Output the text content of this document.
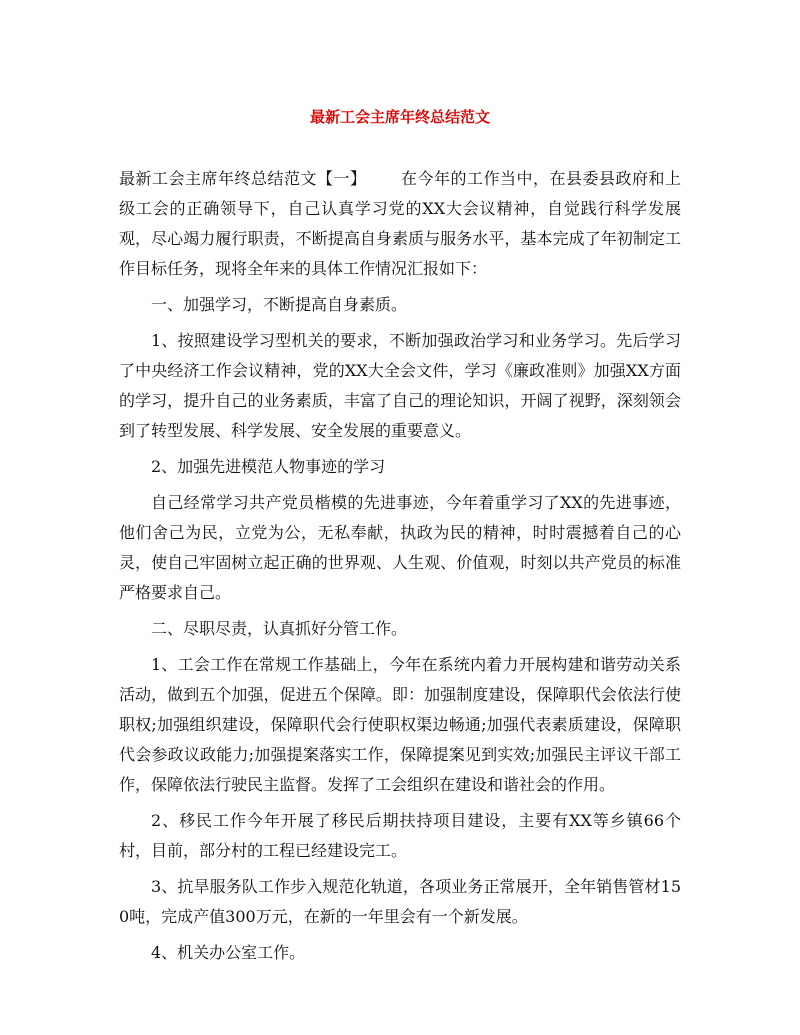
最新工会主席年终总结范文

最新工会主席年终总结范文【一】 在今年的工作当中，在县委县政府和上级工会的正确领导下，自己认真学习党的XX大会议精神，自觉践行科学发展观，尽心竭力履行职责，不断提高自身素质与服务水平，基本完成了年初制定工作目标任务，现将全年来的具体工作情况汇报如下：

一、加强学习，不断提高自身素质。

1、按照建设学习型机关的要求，不断加强政治学习和业务学习。先后学习了中央经济工作会议精神，党的XX大全会文件，学习《廉政准则》加强XX方面的学习，提升自己的业务素质，丰富了自己的理论知识，开阔了视野，深刻领会到了转型发展、科学发展、安全发展的重要意义。

2、加强先进模范人物事迹的学习

自己经常学习共产党员楷模的先进事迹，今年着重学习了XX的先进事迹，他们舍己为民，立党为公，无私奉献，执政为民的精神，时时震撼着自己的心灵，使自己牢固树立起正确的世界观、人生观、价值观，时刻以共产党员的标准严格要求自己。

二、尽职尽责，认真抓好分管工作。

1、工会工作在常规工作基础上，今年在系统内着力开展构建和谐劳动关系活动，做到五个加强，促进五个保障。即：加强制度建设，保障职代会依法行使职权;加强组织建设，保障职代会行使职权渠边畅通;加强代表素质建设，保障职代会参政议政能力;加强提案落实工作，保障提案见到实效;加强民主评议干部工作，保障依法行驶民主监督。发挥了工会组织在建设和谐社会的作用。

2、移民工作今年开展了移民后期扶持项目建设，主要有XX等乡镇66个村，目前，部分村的工程已经建设完工。

3、抗旱服务队工作步入规范化轨道，各项业务正常展开，全年销售管材150吨，完成产值300万元，在新的一年里会有一个新发展。

4、机关办公室工作。
